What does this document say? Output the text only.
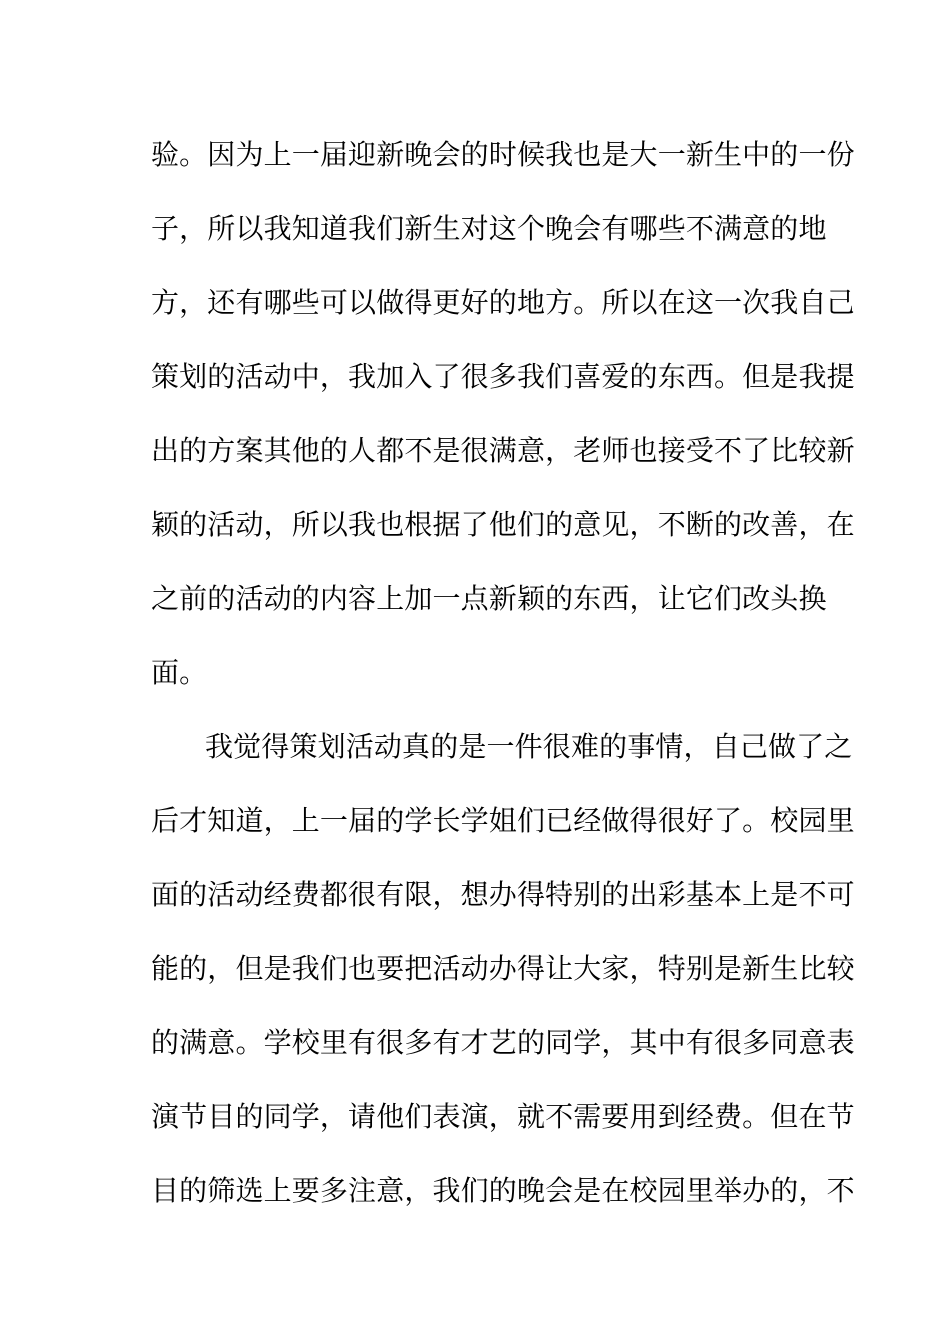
验。因为上一届迎新晚会的时候我也是大一新生中的一份
子，所以我知道我们新生对这个晚会有哪些不满意的地
方，还有哪些可以做得更好的地方。所以在这一次我自己
策划的活动中，我加入了很多我们喜爱的东西。但是我提
出的方案其他的人都不是很满意，老师也接受不了比较新
颖的活动，所以我也根据了他们的意见，不断的改善，在
之前的活动的内容上加一点新颖的东西，让它们改头换
面。
我觉得策划活动真的是一件很难的事情，自己做了之
后才知道，上一届的学长学姐们已经做得很好了。校园里
面的活动经费都很有限，想办得特别的出彩基本上是不可
能的，但是我们也要把活动办得让大家，特别是新生比较
的满意。学校里有很多有才艺的同学，其中有很多同意表
演节目的同学，请他们表演，就不需要用到经费。但在节
目的筛选上要多注意，我们的晚会是在校园里举办的，不
